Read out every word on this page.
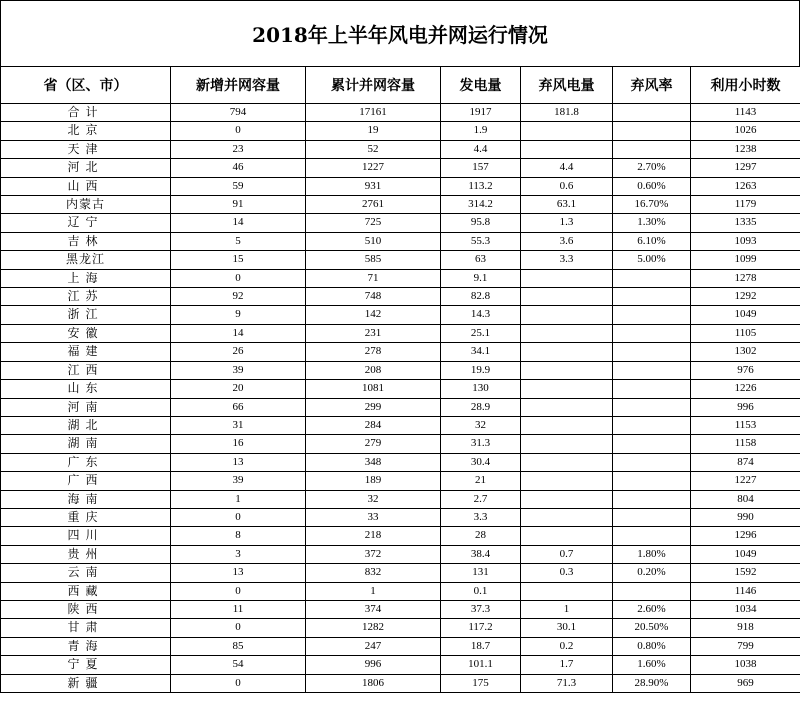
2018年上半年风电并网运行情况
省（区、市）	新增并网容量	累计并网容量	发电量	弃风电量	弃风率	利用小时数
合计	794	17161	1917	181.8		1143
北京	0	19	1.9			1026
天津	23	52	4.4			1238
河北	46	1227	157	4.4	2.70%	1297
山西	59	931	113.2	0.6	0.60%	1263
内蒙古	91	2761	314.2	63.1	16.70%	1179
辽宁	14	725	95.8	1.3	1.30%	1335
吉林	5	510	55.3	3.6	6.10%	1093
黑龙江	15	585	63	3.3	5.00%	1099
上海	0	71	9.1			1278
江苏	92	748	82.8			1292
浙江	9	142	14.3			1049
安徽	14	231	25.1			1105
福建	26	278	34.1			1302
江西	39	208	19.9			976
山东	20	1081	130			1226
河南	66	299	28.9			996
湖北	31	284	32			1153
湖南	16	279	31.3			1158
广东	13	348	30.4			874
广西	39	189	21			1227
海南	1	32	2.7			804
重庆	0	33	3.3			990
四川	8	218	28			1296
贵州	3	372	38.4	0.7	1.80%	1049
云南	13	832	131	0.3	0.20%	1592
西藏	0	1	0.1			1146
陕西	11	374	37.3	1	2.60%	1034
甘肃	0	1282	117.2	30.1	20.50%	918
青海	85	247	18.7	0.2	0.80%	799
宁夏	54	996	101.1	1.7	1.60%	1038
新疆	0	1806	175	71.3	28.90%	969
